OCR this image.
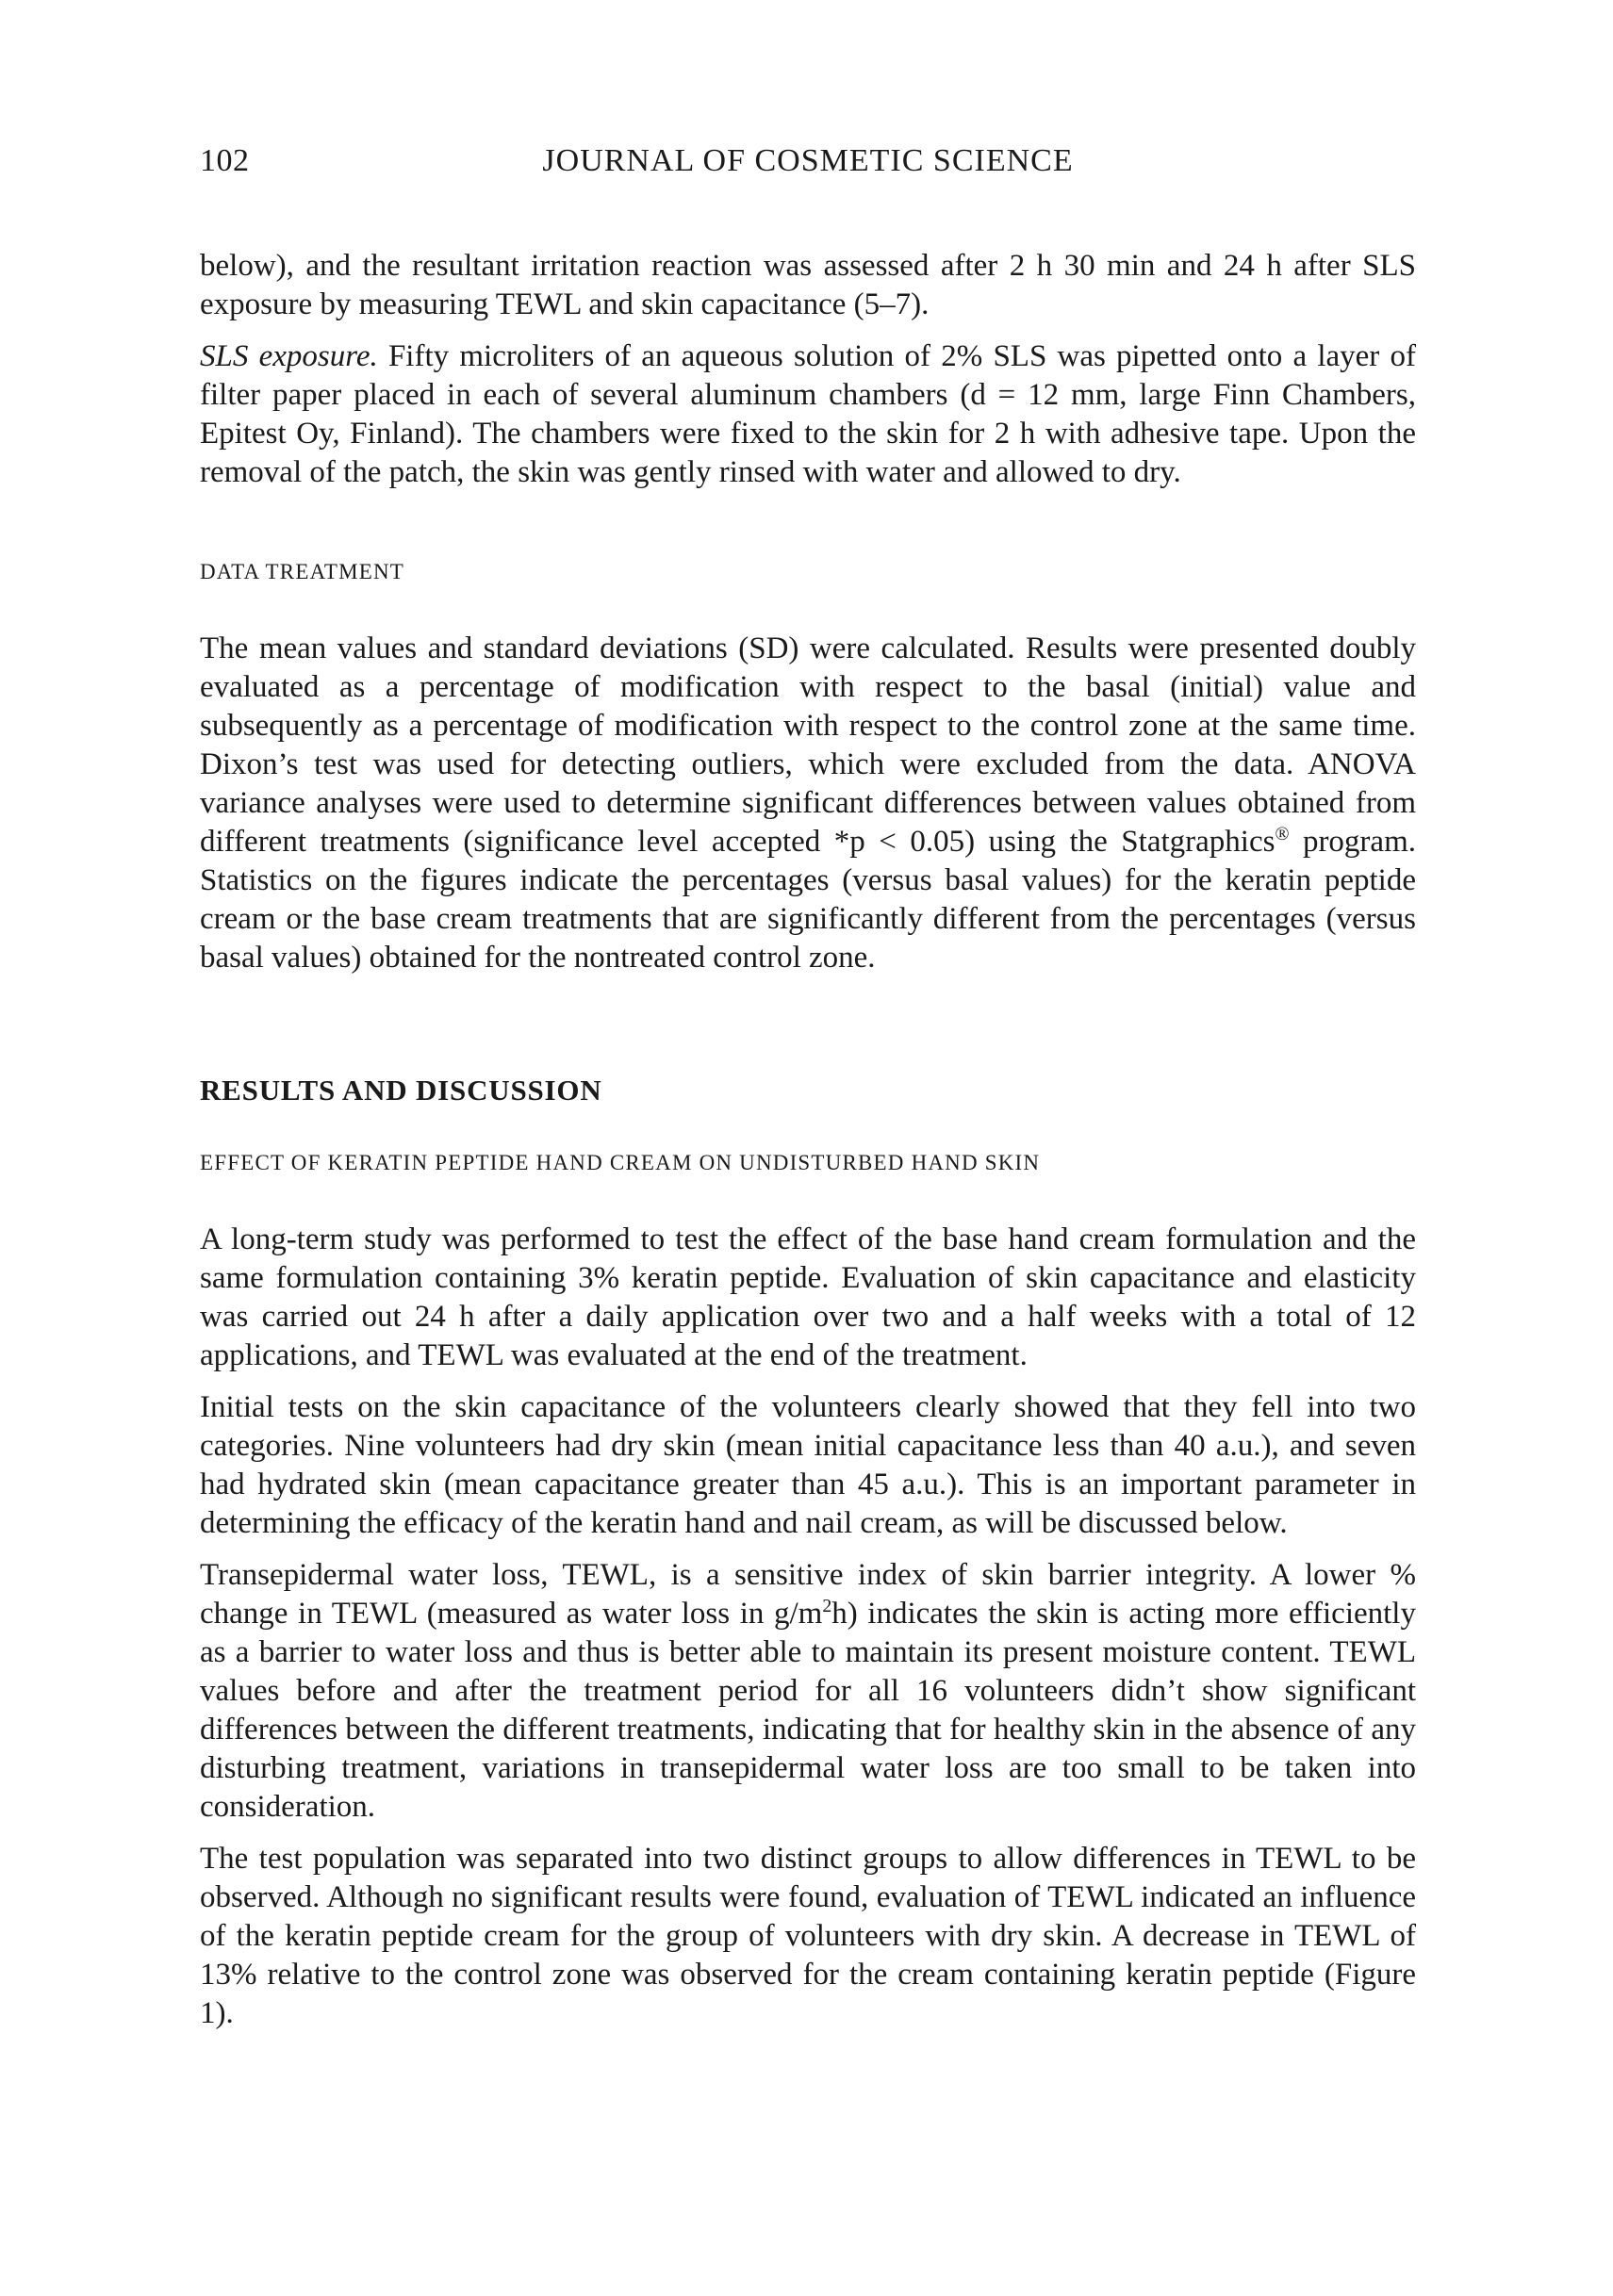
102	JOURNAL OF COSMETIC SCIENCE

below), and the resultant irritation reaction was assessed after 2 h 30 min and 24 h after SLS exposure by measuring TEWL and skin capacitance (5–7).

SLS exposure. Fifty microliters of an aqueous solution of 2% SLS was pipetted onto a layer of filter paper placed in each of several aluminum chambers (d = 12 mm, large Finn Chambers, Epitest Oy, Finland). The chambers were fixed to the skin for 2 h with adhesive tape. Upon the removal of the patch, the skin was gently rinsed with water and allowed to dry.

DATA TREATMENT

The mean values and standard deviations (SD) were calculated. Results were presented doubly evaluated as a percentage of modification with respect to the basal (initial) value and subsequently as a percentage of modification with respect to the control zone at the same time. Dixon’s test was used for detecting outliers, which were excluded from the data. ANOVA variance analyses were used to determine significant differences between values obtained from different treatments (significance level accepted *p < 0.05) using the Statgraphics® program. Statistics on the figures indicate the percentages (versus basal values) for the keratin peptide cream or the base cream treatments that are significantly different from the percentages (versus basal values) obtained for the nontreated control zone.

RESULTS AND DISCUSSION
EFFECT OF KERATIN PEPTIDE HAND CREAM ON UNDISTURBED HAND SKIN

A long-term study was performed to test the effect of the base hand cream formulation and the same formulation containing 3% keratin peptide. Evaluation of skin capacitance and elasticity was carried out 24 h after a daily application over two and a half weeks with a total of 12 applications, and TEWL was evaluated at the end of the treatment.

Initial tests on the skin capacitance of the volunteers clearly showed that they fell into two categories. Nine volunteers had dry skin (mean initial capacitance less than 40 a.u.), and seven had hydrated skin (mean capacitance greater than 45 a.u.). This is an important parameter in determining the efficacy of the keratin hand and nail cream, as will be discussed below.

Transepidermal water loss, TEWL, is a sensitive index of skin barrier integrity. A lower % change in TEWL (measured as water loss in $g/m^2h$) indicates the skin is acting more efficiently as a barrier to water loss and thus is better able to maintain its present moisture content. TEWL values before and after the treatment period for all 16 volunteers didn’t show significant differences between the different treatments, indicating that for healthy skin in the absence of any disturbing treatment, variations in transepidermal water loss are too small to be taken into consideration.

The test population was separated into two distinct groups to allow differences in TEWL to be observed. Although no significant results were found, evaluation of TEWL indicated an influence of the keratin peptide cream for the group of volunteers with dry skin. A decrease in TEWL of 13% relative to the control zone was observed for the cream containing keratin peptide (Figure 1).
